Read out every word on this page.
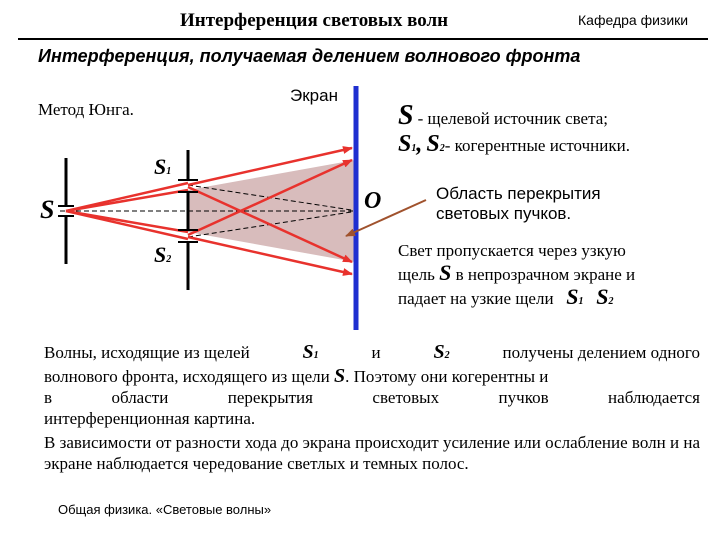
Интерференция световых волн	Кафедра физики
Интерференция, получаемая делением волнового фронта
Метод Юнга.
Экран
S
S1
S2
O
S - щелевой источник света;
S1, S2- когерентные источники.
Область перекрытия
световых пучков.
Свет пропускается через узкую
щель S в непрозрачном экране и
падает на узкие щели S1 S2
Волны, исходящие из щелей	S1	и	S2	получены делением одного
волнового фронта, исходящего из щели S. Поэтому они когерентны и
в области перекрытия световых пучков наблюдается
интерференционная картина.
В зависимости от разности хода до экрана происходит усиление или ослабление волн и на экране наблюдается чередование светлых и темных полос.
Общая физика. «Световые волны»
